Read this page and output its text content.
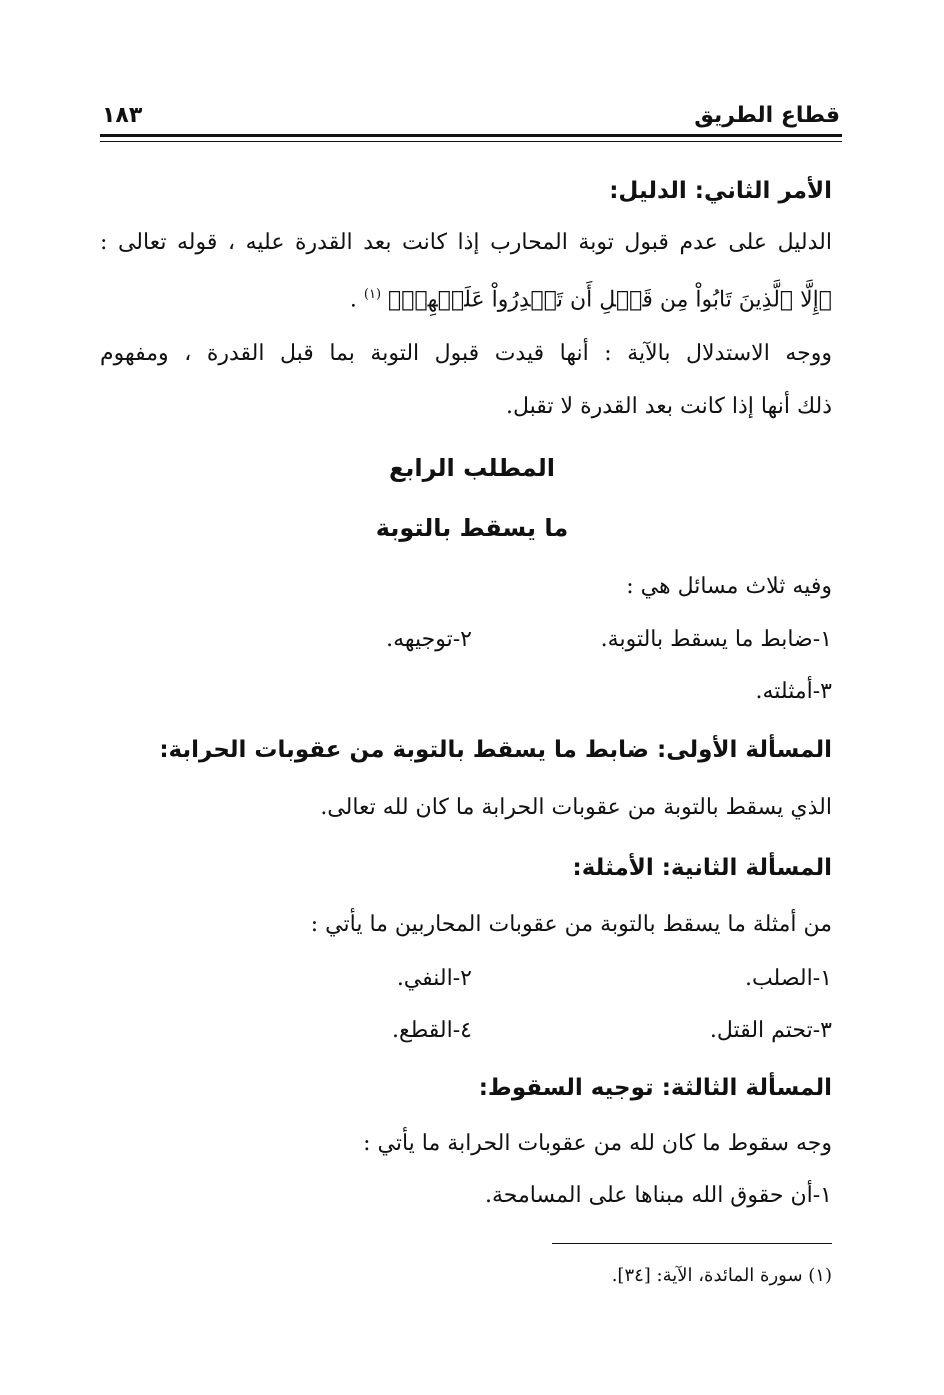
قطاع الطريق
١٨٣
الأمر الثاني: الدليل:
الدليل على عدم قبول توبة المحارب إذا كانت بعد القدرة عليه ، قوله تعالى :
﴿إِلَّا ٱلَّذِينَ تَابُواْ مِن قَبۡلِ أَن تَقۡدِرُواْ عَلَيۡهِمۡ﴾ $^{(١)}$ .
ووجه الاستدلال بالآية : أنها قيدت قبول التوبة بما قبل القدرة ، ومفهوم
ذلك أنها إذا كانت بعد القدرة لا تقبل.
المطلب الرابع
ما يسقط بالتوبة
وفيه ثلاث مسائل هي :
١-ضابط ما يسقط بالتوبة.
٢-توجيهه.
٣-أمثلته.
المسألة الأولى: ضابط ما يسقط بالتوبة من عقوبات الحرابة:
الذي يسقط بالتوبة من عقوبات الحرابة ما كان لله تعالى.
المسألة الثانية: الأمثلة:
من أمثلة ما يسقط بالتوبة من عقوبات المحاربين ما يأتي :
١-الصلب.
٢-النفي.
٣-تحتم القتل.
٤-القطع.
المسألة الثالثة: توجيه السقوط:
وجه سقوط ما كان لله من عقوبات الحرابة ما يأتي :
١-أن حقوق الله مبناها على المسامحة.
(١) سورة المائدة، الآية: [٣٤].
